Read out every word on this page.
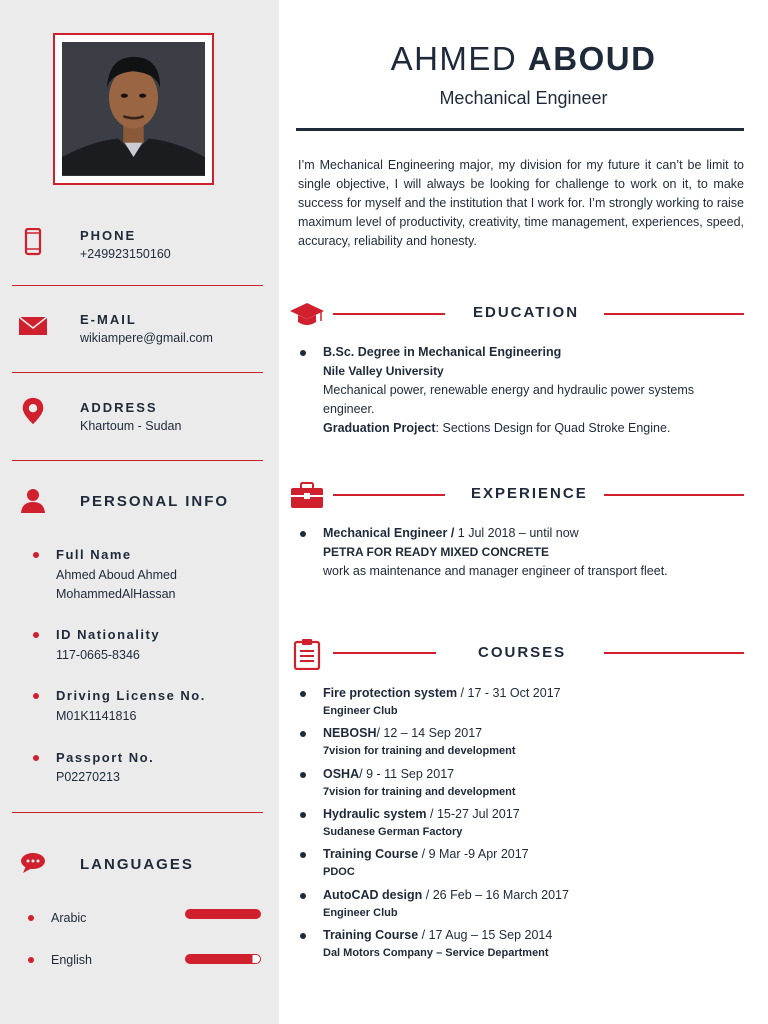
PHONE
+249923150160
E-MAIL
wikiampere@gmail.com
ADDRESS
Khartoum - Sudan
PERSONAL INFO
Full Name
Ahmed Aboud Ahmed
MohammedAlHassan
ID Nationality
117-0665-8346
Driving License No.
M01K1141816
Passport No.
P02270213
LANGUAGES
Arabic
English
AHMED ABOUD
Mechanical Engineer
I’m Mechanical Engineering major, my division for my future it can’t be limit to single objective, I will always be looking for challenge to work on it, to make success for myself and the institution that I work for. I’m strongly working to raise maximum level of productivity, creativity, time management, experiences, speed, accuracy, reliability and honesty.
EDUCATION
B.Sc. Degree in Mechanical Engineering
Nile Valley University
Mechanical power, renewable energy and hydraulic power systems engineer.
Graduation Project: Sections Design for Quad Stroke Engine.
EXPERIENCE
Mechanical Engineer / 1 Jul 2018 – until now
PETRA FOR READY MIXED CONCRETE
work as maintenance and manager engineer of transport fleet.
COURSES
Fire protection system / 17 - 31 Oct 2017
Engineer Club
NEBOSH/ 12 – 14 Sep 2017
7vision for training and development
OSHA/ 9 - 11 Sep 2017
7vision for training and development
Hydraulic system / 15-27 Jul 2017
Sudanese German Factory
Training Course / 9 Mar -9 Apr 2017
PDOC
AutoCAD design / 26 Feb – 16 March 2017
Engineer Club
Training Course / 17 Aug – 15 Sep 2014
Dal Motors Company – Service Department
